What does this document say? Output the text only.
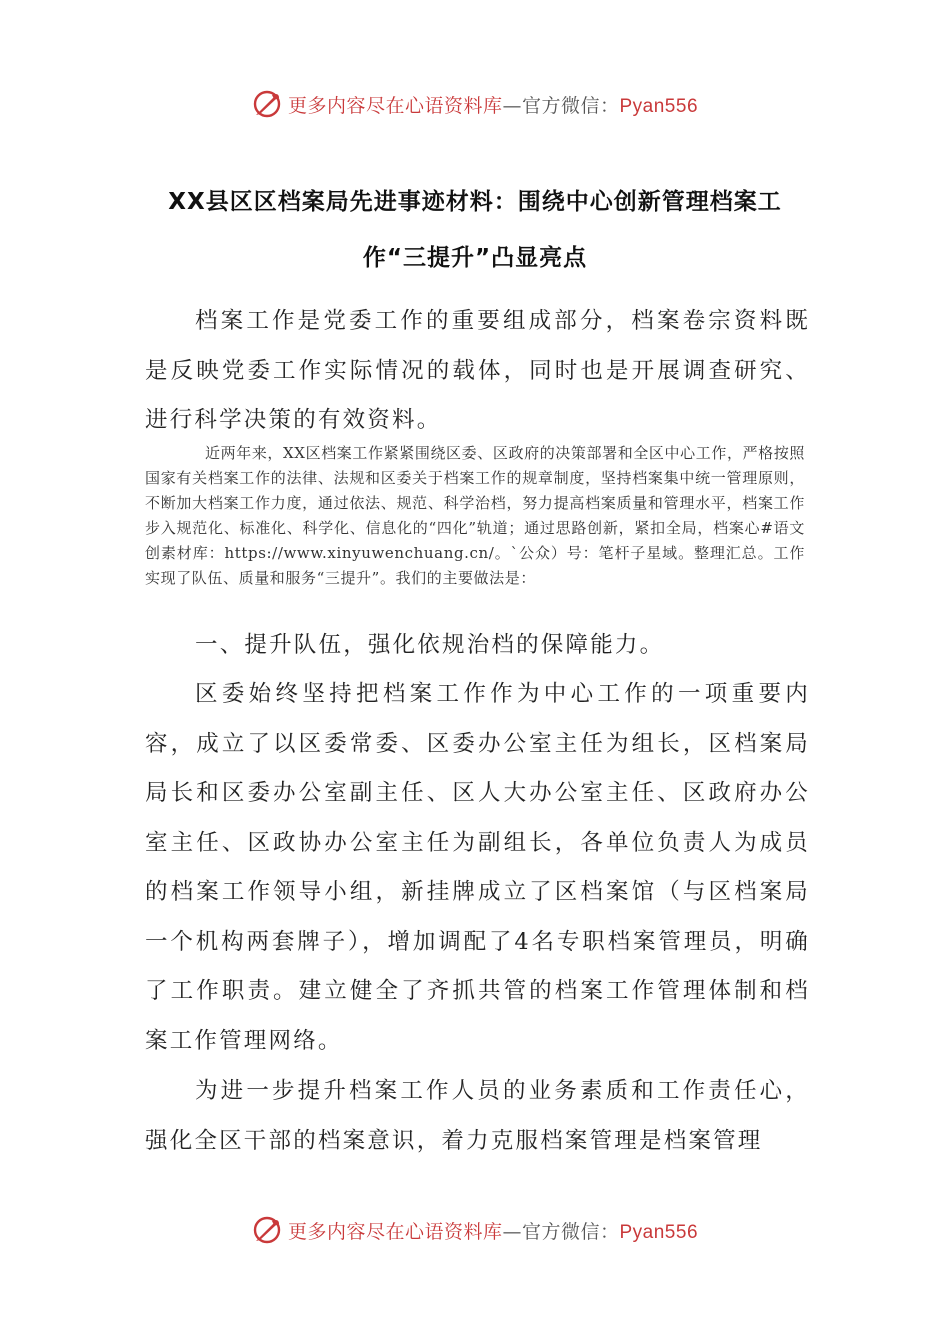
更多内容尽在心语资料库—官方微信：Pyan556
XX县区区档案局先进事迹材料：围绕中心创新管理档案工作“三提升”凸显亮点

档案工作是党委工作的重要组成部分，档案卷宗资料既是反映党委工作实际情况的载体，同时也是开展调查研究、进行科学决策的有效资料。

近两年来，XX区档案工作紧紧围绕区委、区政府的决策部署和全区中心工作，严格按照国家有关档案工作的法律、法规和区委关于档案工作的规章制度，坚持档案集中统一管理原则，不断加大档案工作力度，通过依法、规范、科学治档，努力提高档案质量和管理水平，档案工作步入规范化、标准化、科学化、信息化的“四化”轨道；通过思路创新，紧扣全局，档案心#语文创素材库：https://www.xinyuwenchuang.cn/。`公众）号：笔杆子星域。整理汇总。工作实现了队伍、质量和服务“三提升”。我们的主要做法是：

一、提升队伍，强化依规治档的保障能力。

区委始终坚持把档案工作作为中心工作的一项重要内容，成立了以区委常委、区委办公室主任为组长，区档案局局长和区委办公室副主任、区人大办公室主任、区政府办公室主任、区政协办公室主任为副组长，各单位负责人为成员的档案工作领导小组，新挂牌成立了区档案馆（与区档案局一个机构两套牌子），增加调配了4名专职档案管理员，明确了工作职责。建立健全了齐抓共管的档案工作管理体制和档案工作管理网络。

为进一步提升档案工作人员的业务素质和工作责任心，强化全区干部的档案意识，着力克服档案管理是档案管理

更多内容尽在心语资料库—官方微信：Pyan556
